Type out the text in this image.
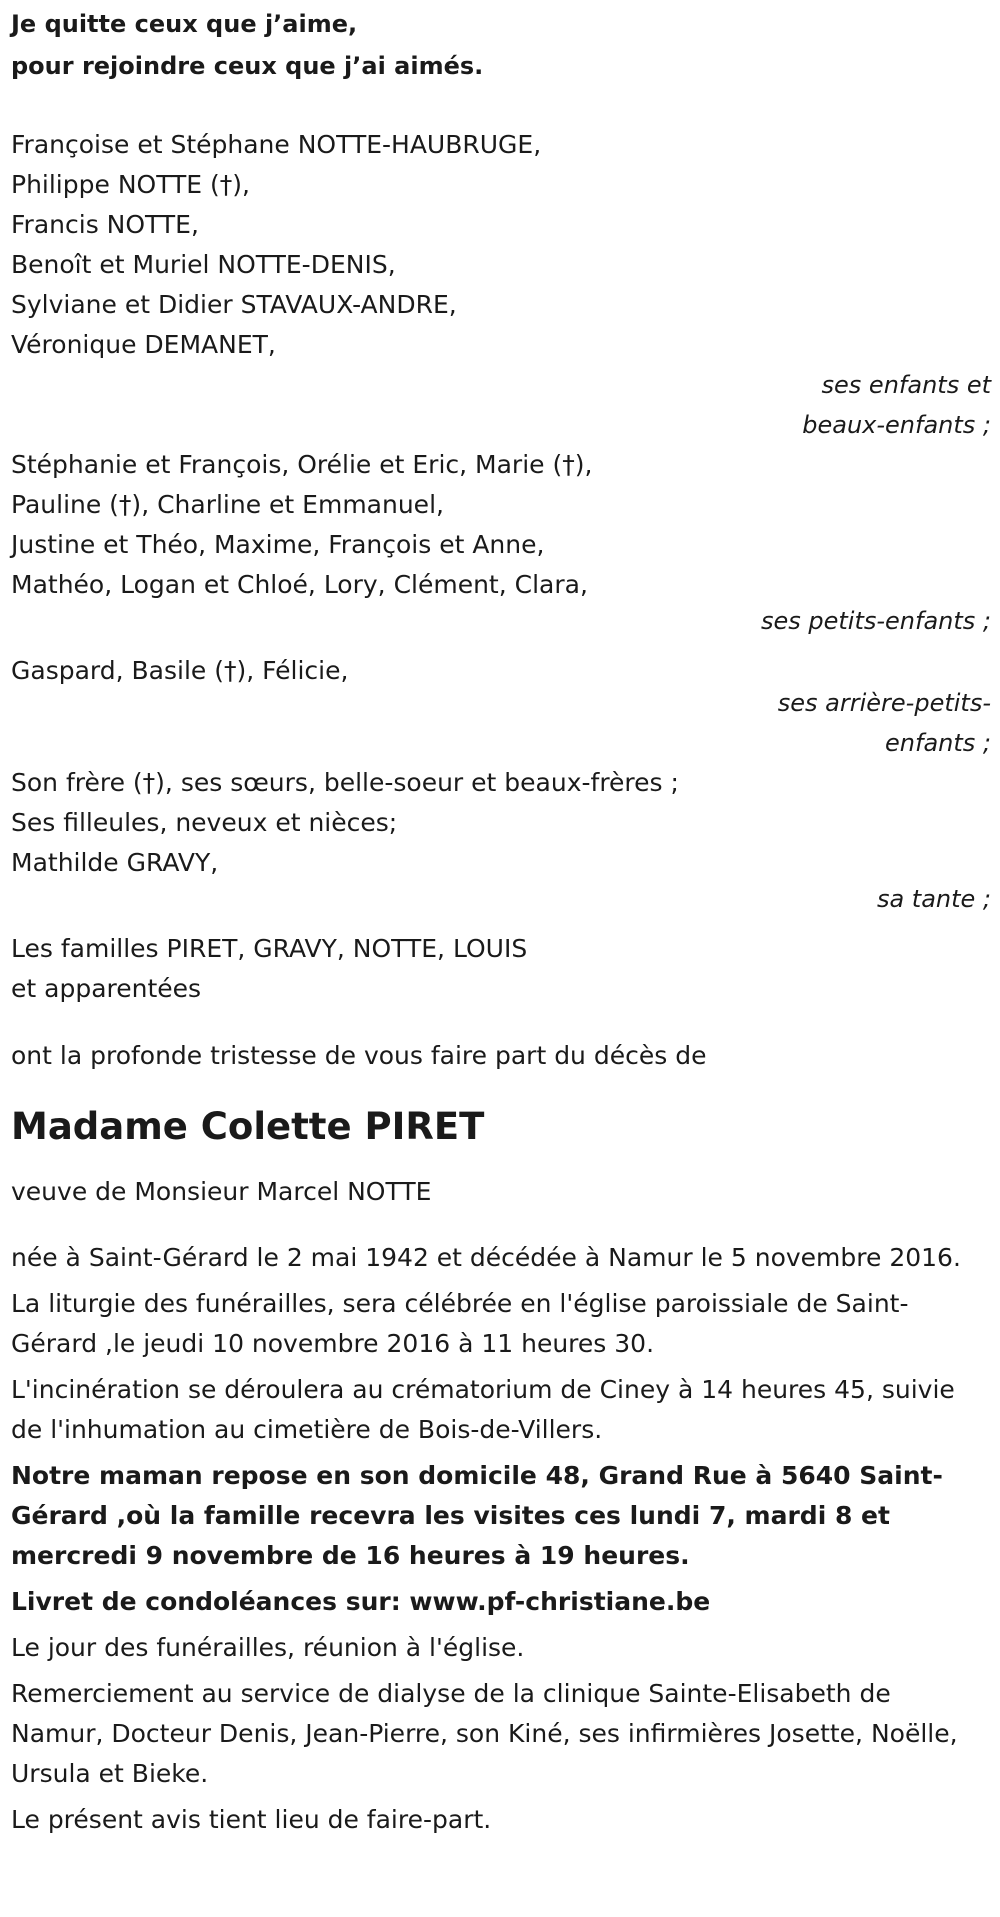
Je quitte ceux que j’aime,

pour rejoindre ceux que j’ai aimés.

Françoise et Stéphane NOTTE-HAUBRUGE,
Philippe NOTTE (†),
Francis NOTTE,
Benoît et Muriel NOTTE-DENIS,
Sylviane et Didier STAVAUX-ANDRE,
Véronique DEMANET,
ses enfants et
beaux-enfants ;
Stéphanie et François, Orélie et Eric, Marie (†),
Pauline (†), Charline et Emmanuel,
Justine et Théo, Maxime, François et Anne,
Mathéo, Logan et Chloé, Lory, Clément, Clara,
ses petits-enfants ;
Gaspard, Basile (†), Félicie,
ses arrière-petits-
enfants ;
Son frère (†), ses sœurs, belle-soeur et beaux-frères ;
Ses filleules, neveux et nièces;
Mathilde GRAVY,
sa tante ;
Les familles PIRET, GRAVY, NOTTE, LOUIS
et apparentées

ont la profonde tristesse de vous faire part du décès de

Madame Colette PIRET

veuve de Monsieur Marcel NOTTE

née à Saint-Gérard le 2 mai 1942 et décédée à Namur le 5 novembre 2016.

La liturgie des funérailles, sera célébrée en l'église paroissiale de Saint-Gérard ,le jeudi 10 novembre 2016 à 11 heures 30.

L'incinération se déroulera au crématorium de Ciney à 14 heures 45, suivie de l'inhumation au cimetière de Bois-de-Villers.

Notre maman repose en son domicile 48, Grand Rue à 5640 Saint-Gérard ,où la famille recevra les visites ces lundi 7, mardi 8 et mercredi 9 novembre de 16 heures à 19 heures.

Livret de condoléances sur: www.pf-christiane.be

Le jour des funérailles, réunion à l'église.

Remerciement au service de dialyse de la clinique Sainte-Elisabeth de Namur, Docteur Denis, Jean-Pierre, son Kiné, ses infirmières Josette, Noëlle, Ursula et Bieke.

Le présent avis tient lieu de faire-part.
